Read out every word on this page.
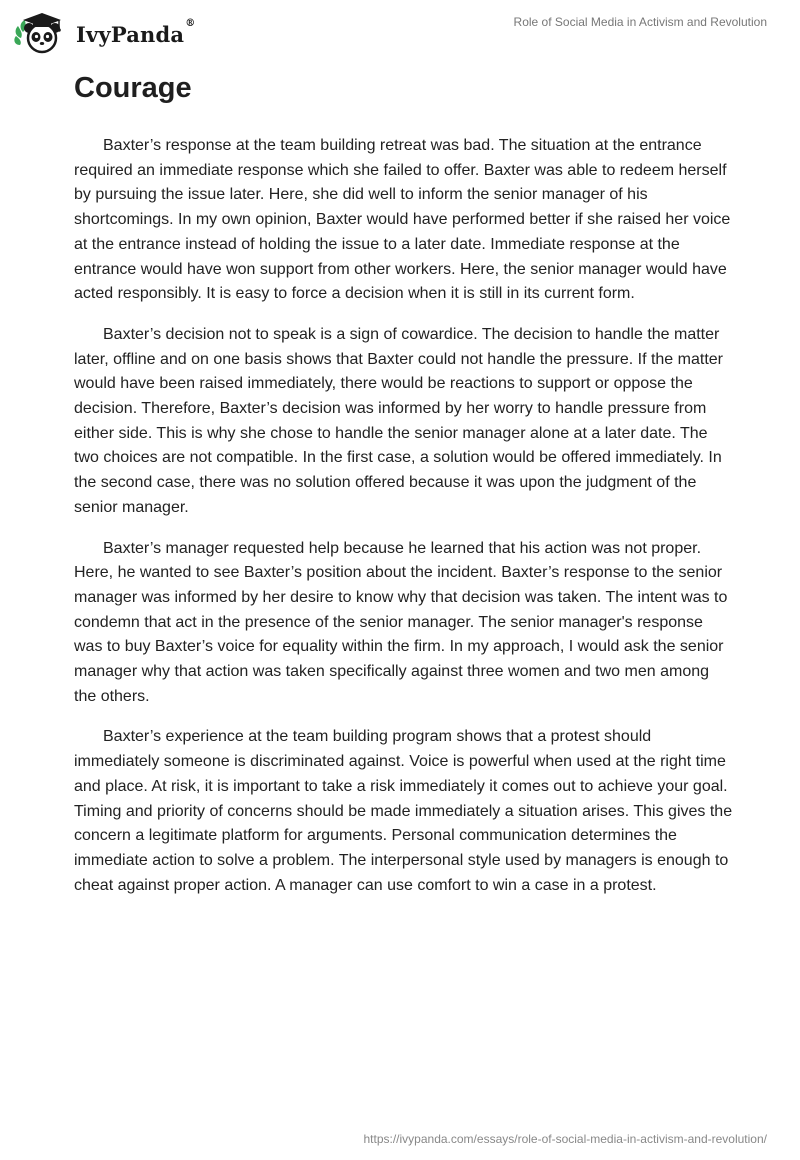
IvyPanda®	Role of Social Media in Activism and Revolution
Courage

Baxter’s response at the team building retreat was bad. The situation at the entrance required an immediate response which she failed to offer. Baxter was able to redeem herself by pursuing the issue later. Here, she did well to inform the senior manager of his shortcomings. In my own opinion, Baxter would have performed better if she raised her voice at the entrance instead of holding the issue to a later date. Immediate response at the entrance would have won support from other workers. Here, the senior manager would have acted responsibly. It is easy to force a decision when it is still in its current form.

Baxter’s decision not to speak is a sign of cowardice. The decision to handle the matter later, offline and on one basis shows that Baxter could not handle the pressure. If the matter would have been raised immediately, there would be reactions to support or oppose the decision. Therefore, Baxter’s decision was informed by her worry to handle pressure from either side. This is why she chose to handle the senior manager alone at a later date. The two choices are not compatible. In the first case, a solution would be offered immediately. In the second case, there was no solution offered because it was upon the judgment of the senior manager.

Baxter’s manager requested help because he learned that his action was not proper. Here, he wanted to see Baxter’s position about the incident. Baxter’s response to the senior manager was informed by her desire to know why that decision was taken. The intent was to condemn that act in the presence of the senior manager. The senior manager's response was to buy Baxter’s voice for equality within the firm. In my approach, I would ask the senior manager why that action was taken specifically against three women and two men among the others.

Baxter’s experience at the team building program shows that a protest should immediately someone is discriminated against. Voice is powerful when used at the right time and place. At risk, it is important to take a risk immediately it comes out to achieve your goal. Timing and priority of concerns should be made immediately a situation arises. This gives the concern a legitimate platform for arguments. Personal communication determines the immediate action to solve a problem. The interpersonal style used by managers is enough to cheat against proper action. A manager can use comfort to win a case in a protest.

https://ivypanda.com/essays/role-of-social-media-in-activism-and-revolution/
